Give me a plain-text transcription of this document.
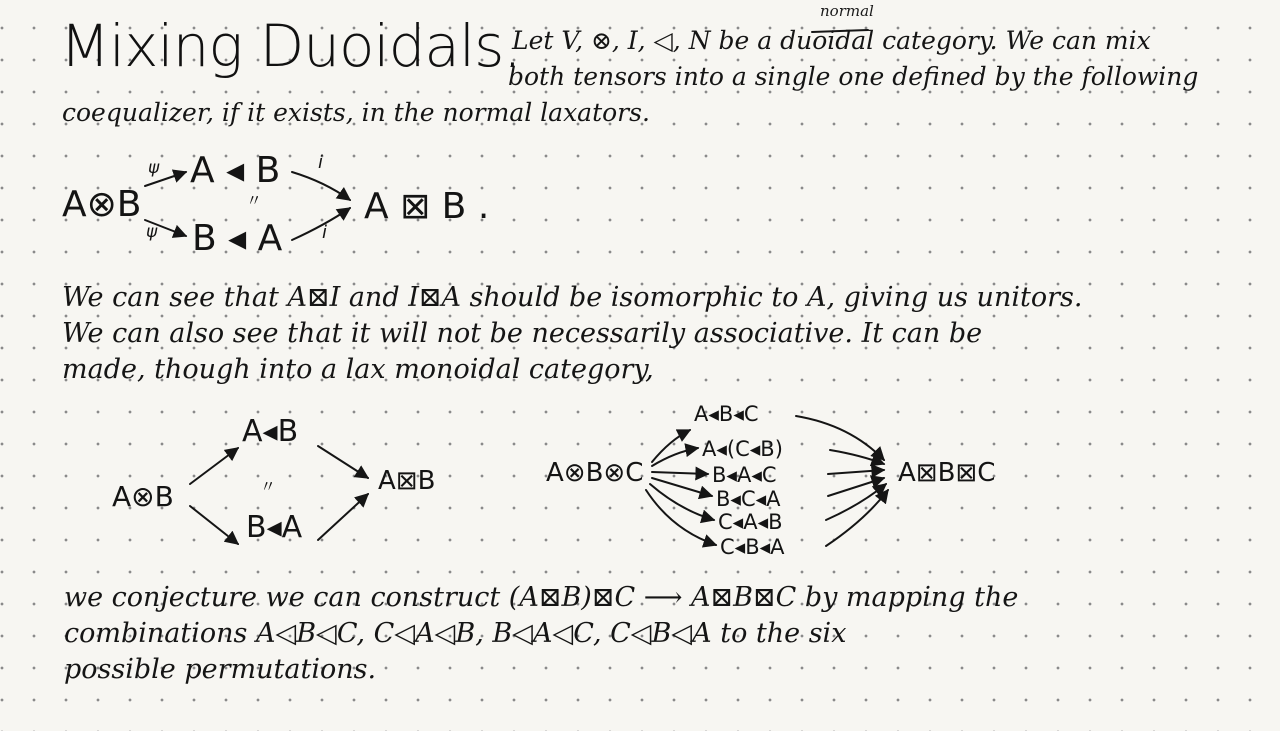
Mixing Duoidals.
normal
Let V, ⊗, I, ◁, N be a duoidal category. We can mix
both tensors into a single one defined by the following
coequalizer, if it exists, in the normal laxators.
A⊗B
A ◂ B
B ◂ A
A ⊠ B .
ψ
ψ
i
i
〃
We can see that A⊠I and I⊠A should be isomorphic to A, giving us unitors.
We can also see that it will not be necessarily associative. It can be
made, though into a lax monoidal category,
A⊗B
A◂B
B◂A
A⊠B
〃	A⊗B⊗C	A⊠B⊠C
A◂B◂C
A◂(C◂B)
B◂A◂C
B◂C◂A
C◂A◂B
C◂B◂A
we conjecture we can construct (A⊠B)⊠C ⟶ A⊠B⊠C by mapping the
combinations A◁B◁C, C◁A◁B, B◁A◁C, C◁B◁A to the six
possible permutations.
